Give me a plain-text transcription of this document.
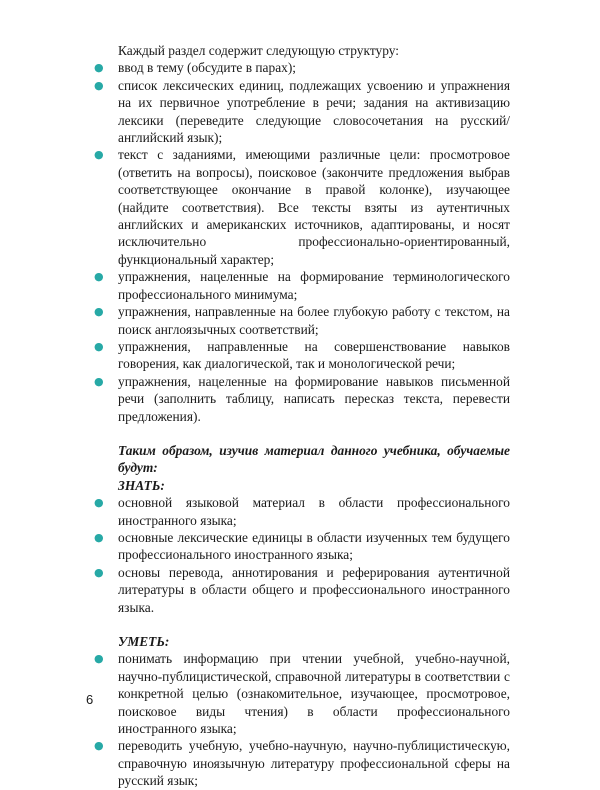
Каждый раздел содержит следующую структуру:

● ввод в тему (обсудите в парах);
● список лексических единиц, подлежащих усвоению и упражнения на их первичное употребление в речи; задания на активизацию лексики (переведите следующие словосочетания на русский/английский язык);
● текст с заданиями, имеющими различные цели: просмотровое (ответить на вопросы), поисковое (закончите предложения выбрав соответствующее окончание в правой колонке), изучающее (найдите соответствия). Все тексты взяты из аутентичных английских и американских источников, адаптированы, и носят исключительно профессионально-ориентированный, функциональный характер;
● упражнения, нацеленные на формирование терминологического профессионального минимума;
● упражнения, направленные на более глубокую работу с текстом, на поиск англоязычных соответствий;
● упражнения, направленные на совершенствование навыков говорения, как диалогической, так и монологической речи;
● упражнения, нацеленные на формирование навыков письменной речи (заполнить таблицу, написать пересказ текста, перевести предложения).

Таким образом, изучив материал данного учебника, обучаемые будут:

ЗНАТЬ:

● основной языковой материал в области профессионального иностранного языка;
● основные лексические единицы в области изученных тем будущего профессионального иностранного языка;
● основы перевода, аннотирования и реферирования аутентичной литературы в области общего и профессионального иностранного языка.

УМЕТЬ:

● понимать информацию при чтении учебной, учебно-научной, научно-публицистической, справочной литературы в соответствии с конкретной целью (ознакомительное, изучающее, просмотровое, поисковое виды чтения) в области профессионального иностранного языка;
● переводить учебную, учебно-научную, научно-публицистическую, справочную иноязычную литературу профессиональной сферы на русский язык;
6
